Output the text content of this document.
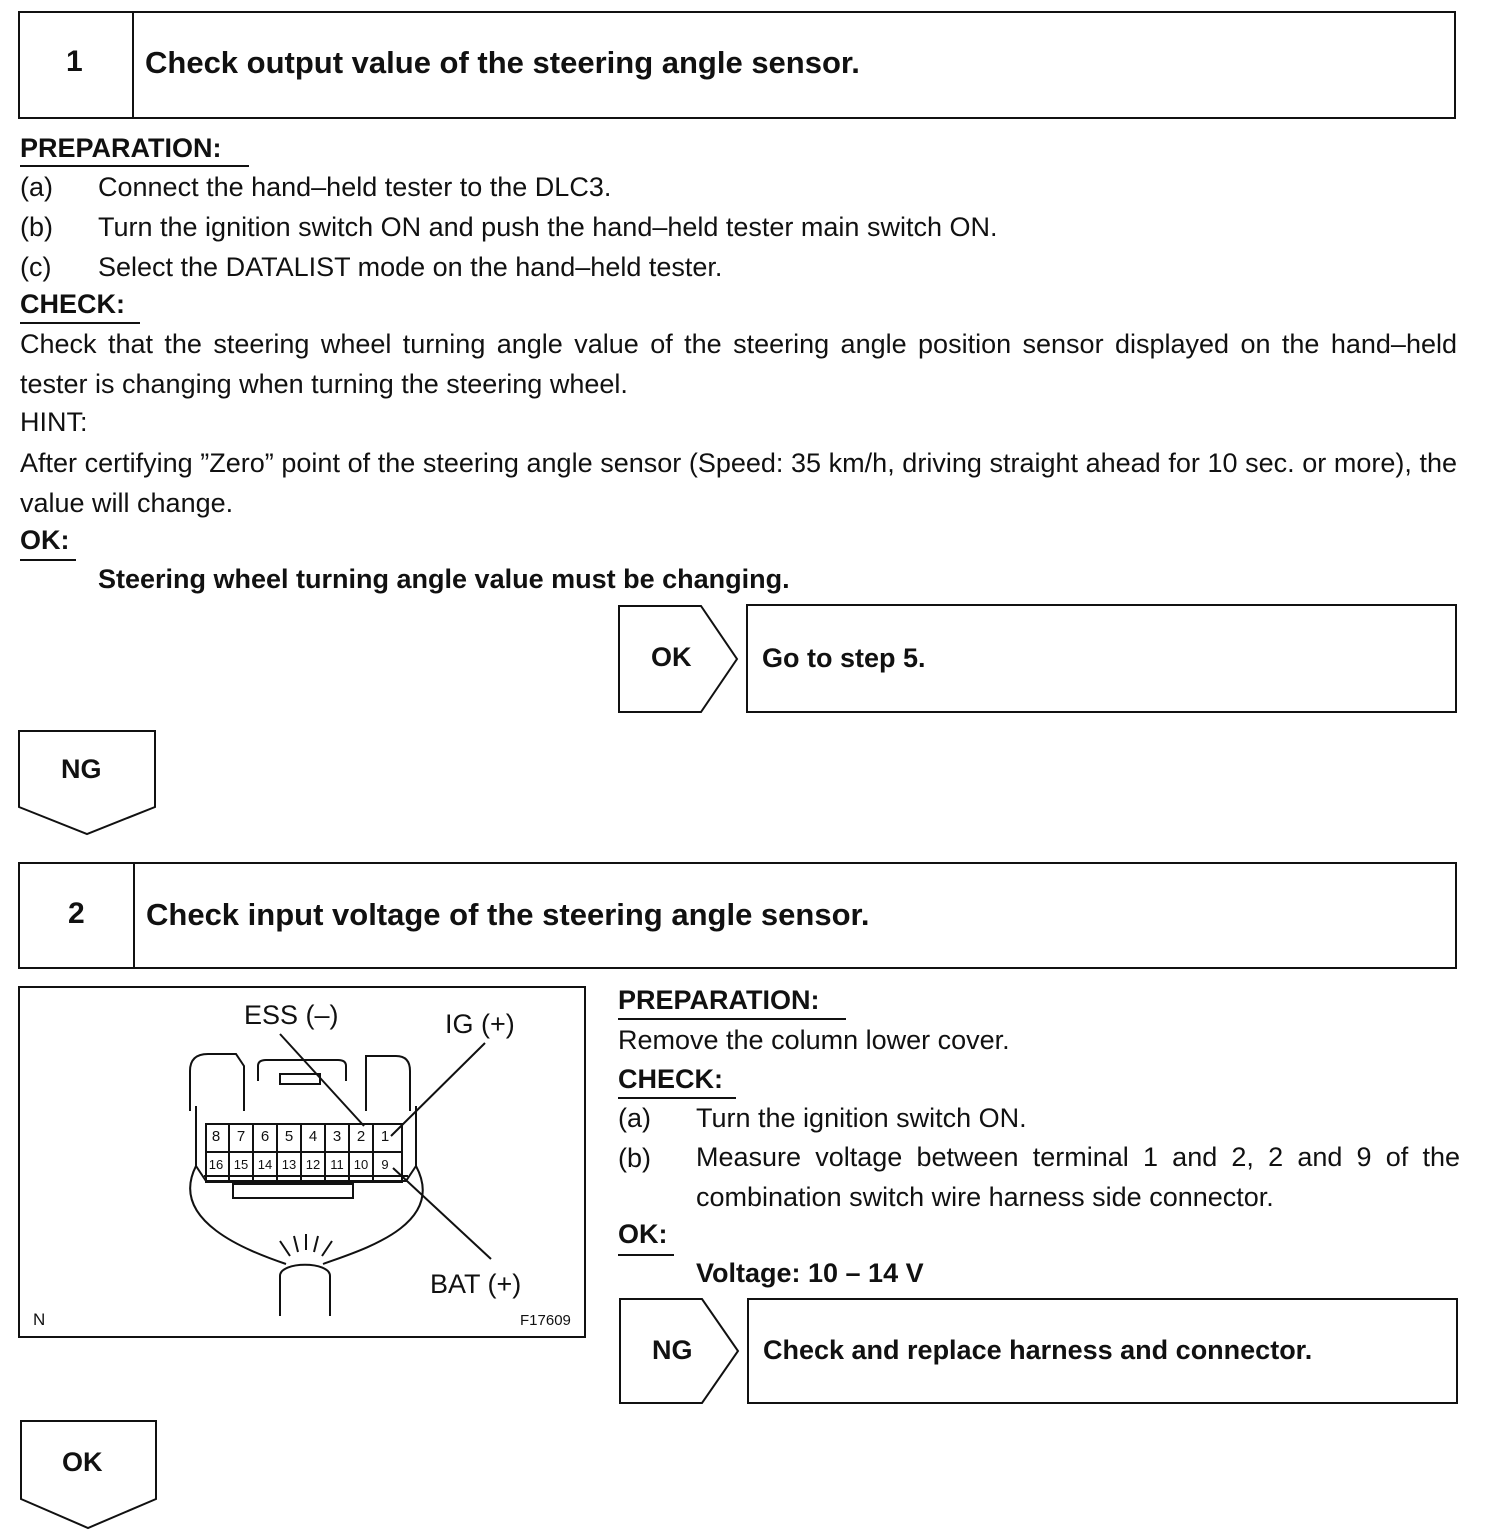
1 Check output value of the steering angle sensor.
PREPARATION:
(a) Connect the hand–held tester to the DLC3.
(b) Turn the ignition switch ON and push the hand–held tester main switch ON.
(c) Select the DATALIST mode on the hand–held tester.
CHECK:
Check that the steering wheel turning angle value of the steering angle position sensor displayed on the hand–held tester is changing when turning the steering wheel.
HINT:
After certifying ”Zero” point of the steering angle sensor (Speed: 35 km/h, driving straight ahead for 10 sec. or more), the value will change.
OK:
Steering wheel turning angle value must be changing.
OK	Go to step 5.
NG
2 Check input voltage of the steering angle sensor.
8	7	6	5	4	3	2	1
16 15 14 13 12 11 10	9
ESS (–)	IG (+)
BAT (+)
N	F17609
PREPARATION:
Remove the column lower cover.
CHECK:
(a) Turn the ignition switch ON.
(b) Measure voltage between terminal 1 and 2, 2 and 9 of the combination switch wire harness side connector.
OK:
Voltage: 10 – 14 V
NG	Check and replace harness and connector.
OK
